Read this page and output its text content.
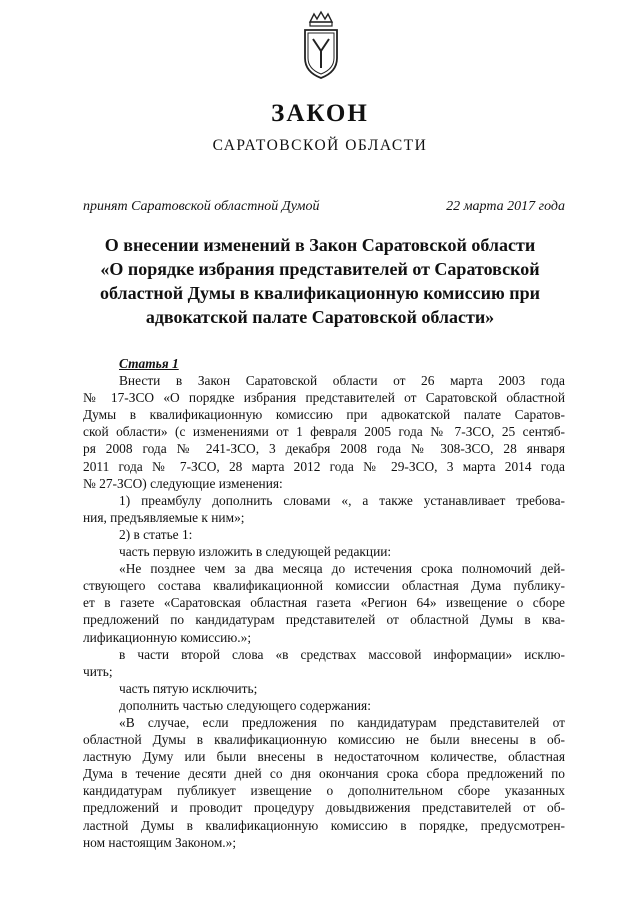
ЗАКОН
САРАТОВСКОЙ ОБЛАСТИ
принят Саратовской областной Думой	22 марта 2017 года
О внесении изменений в Закон Саратовской области
«О порядке избрания представителей от Саратовской
областной Думы в квалификационную комиссию при
адвокатской палате Саратовской области»

Статья 1

Внести в Закон Саратовской области от 26 марта 2003 года
№ 17-ЗСО «О порядке избрания представителей от Саратовской областной
Думы в квалификационную комиссию при адвокатской палате Саратов-
ской области» (с изменениями от 1 февраля 2005 года № 7-ЗСО, 25 сентяб-
ря 2008 года № 241-ЗСО, 3 декабря 2008 года № 308-ЗСО, 28 января
2011 года № 7-ЗСО, 28 марта 2012 года № 29-ЗСО, 3 марта 2014 года
№ 27-ЗСО) следующие изменения:

1) преамбулу дополнить словами «, а также устанавливает требова-
ния, предъявляемые к ним»;

2) в статье 1:

часть первую изложить в следующей редакции:

«Не позднее чем за два месяца до истечения срока полномочий дей-
ствующего состава квалификационной комиссии областная Дума публику-
ет в газете «Саратовская областная газета «Регион 64» извещение о сборе
предложений по кандидатурам представителей от областной Думы в ква-
лификационную комиссию.»;

в части второй слова «в средствах массовой информации» исклю-
чить;

часть пятую исключить;

дополнить частью следующего содержания:

«В случае, если предложения по кандидатурам представителей от
областной Думы в квалификационную комиссию не были внесены в об-
ластную Думу или были внесены в недостаточном количестве, областная
Дума в течение десяти дней со дня окончания срока сбора предложений по
кандидатурам публикует извещение о дополнительном сборе указанных
предложений и проводит процедуру довыдвижения представителей от об-
ластной Думы в квалификационную комиссию в порядке, предусмотрен-
ном настоящим Законом.»;
